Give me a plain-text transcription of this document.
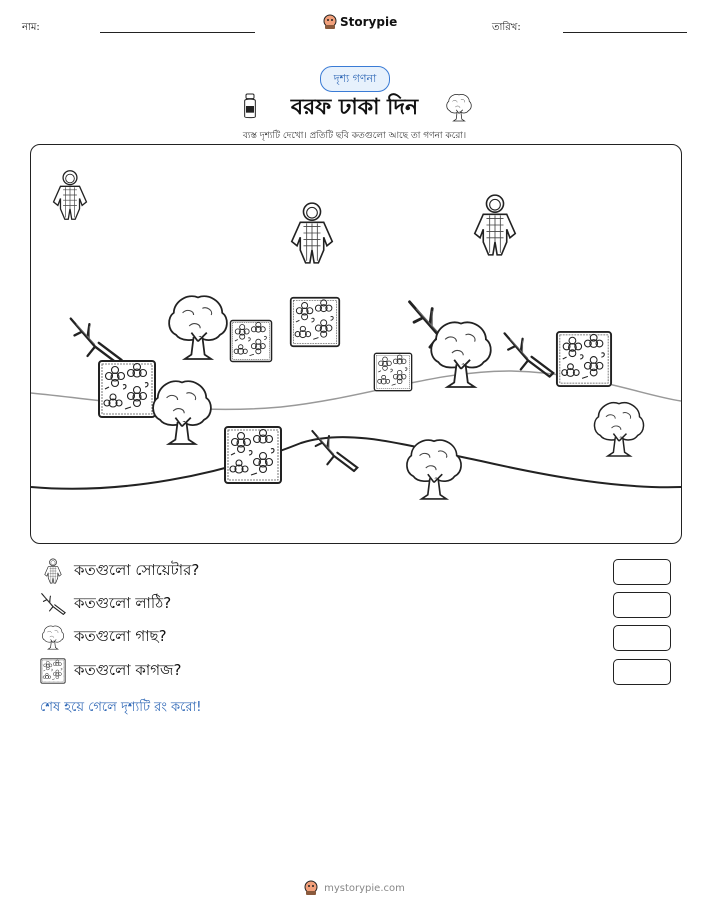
নাম:	Storypie	তারিখ:
দৃশ্য গণনা
বরফ ঢাকা দিন
ব্যস্ত দৃশ্যটি দেখো। প্রতিটি ছবি কতগুলো আছে তা গণনা করো।
কতগুলো সোয়েটার?
কতগুলো লাঠি?
কতগুলো গাছ?
কতগুলো কাগজ?
শেষ হয়ে গেলে দৃশ্যটি রং করো!
mystorypie.com
